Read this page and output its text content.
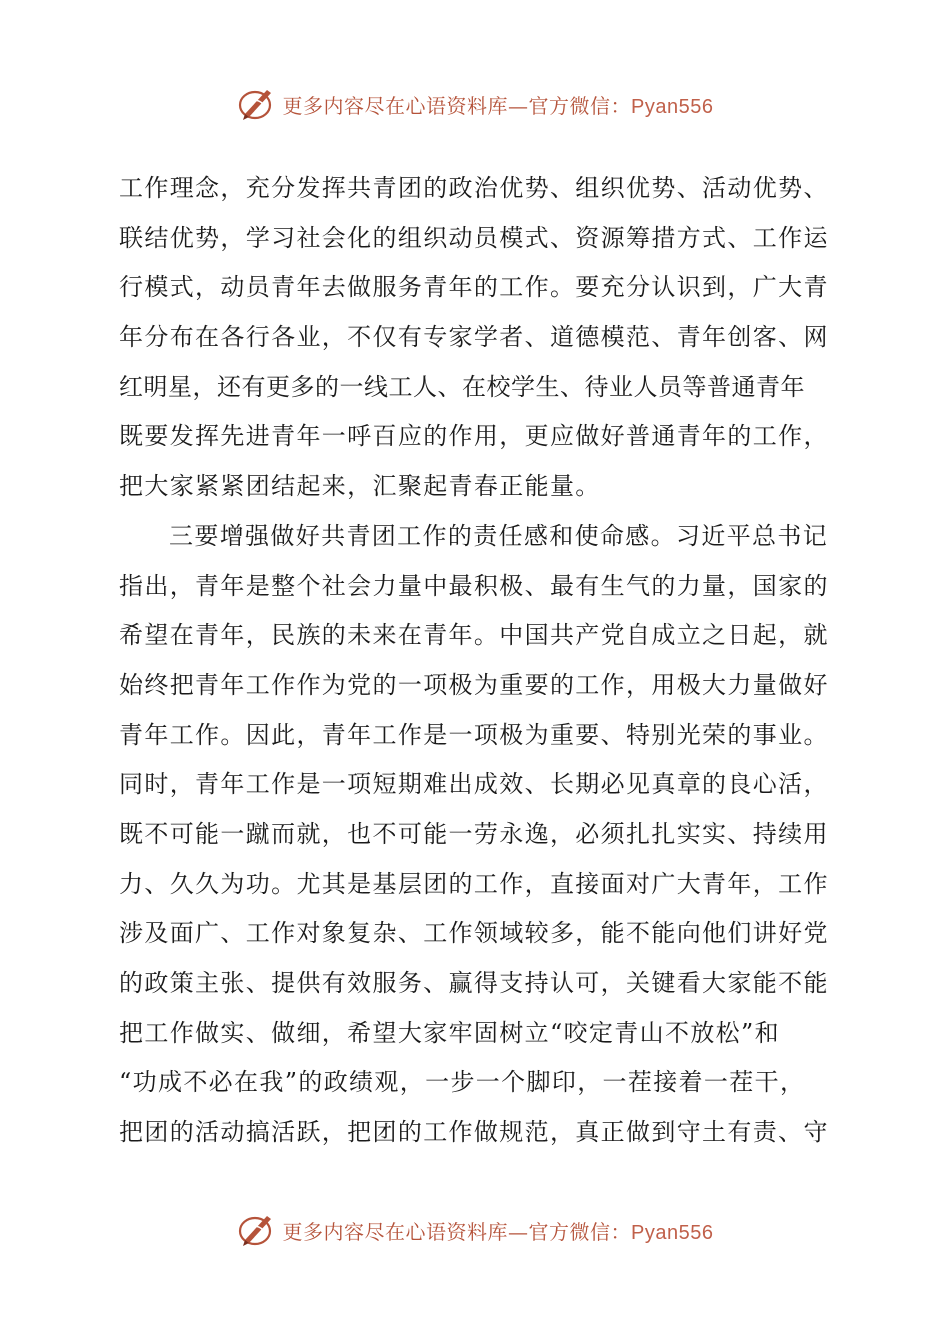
更多内容尽在心语资料库—官方微信：Pyan556
工作理念，充分发挥共青团的政治优势、组织优势、活动优势、
联结优势，学习社会化的组织动员模式、资源筹措方式、工作运
行模式，动员青年去做服务青年的工作。要充分认识到，广大青
年分布在各行各业，不仅有专家学者、道德模范、青年创客、网
红明星，还有更多的一线工人、在校学生、待业人员等普通青年
既要发挥先进青年一呼百应的作用，更应做好普通青年的工作，
把大家紧紧团结起来，汇聚起青春正能量。
三要增强做好共青团工作的责任感和使命感。习近平总书记
指出，青年是整个社会力量中最积极、最有生气的力量，国家的
希望在青年，民族的未来在青年。中国共产党自成立之日起，就
始终把青年工作作为党的一项极为重要的工作，用极大力量做好
青年工作。因此，青年工作是一项极为重要、特别光荣的事业。
同时，青年工作是一项短期难出成效、长期必见真章的良心活，
既不可能一蹴而就，也不可能一劳永逸，必须扎扎实实、持续用
力、久久为功。尤其是基层团的工作，直接面对广大青年，工作
涉及面广、工作对象复杂、工作领域较多，能不能向他们讲好党
的政策主张、提供有效服务、赢得支持认可，关键看大家能不能
把工作做实、做细，希望大家牢固树立“咬定青山不放松”和
“功成不必在我”的政绩观，一步一个脚印，一茬接着一茬干，
把团的活动搞活跃，把团的工作做规范，真正做到守土有责、守
更多内容尽在心语资料库—官方微信：Pyan556
